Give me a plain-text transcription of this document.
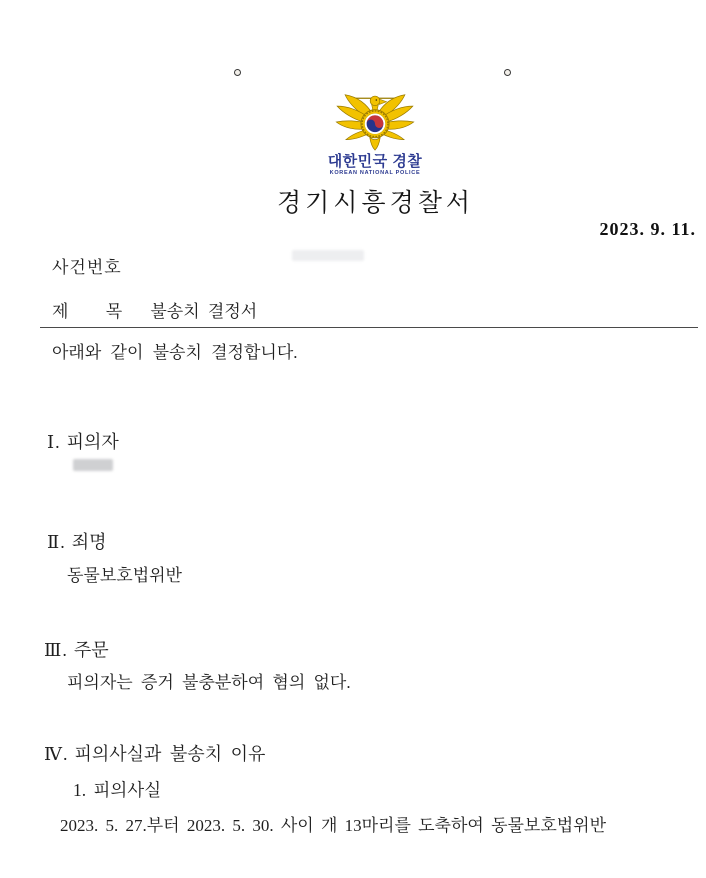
대한민국 경찰
KOREAN NATIONAL POLICE
경기시흥경찰서
2023. 9. 11.
사건번호
제 목 불송치 결정서
아래와 같이 불송치 결정합니다.
Ⅰ. 피의자
Ⅱ. 죄명
동물보호법위반
Ⅲ. 주문
피의자는 증거 불충분하여 혐의 없다.
Ⅳ. 피의사실과 불송치 이유
1. 피의사실
2023. 5. 27.부터 2023. 5. 30. 사이 개 13마리를 도축하여 동물보호법위반
